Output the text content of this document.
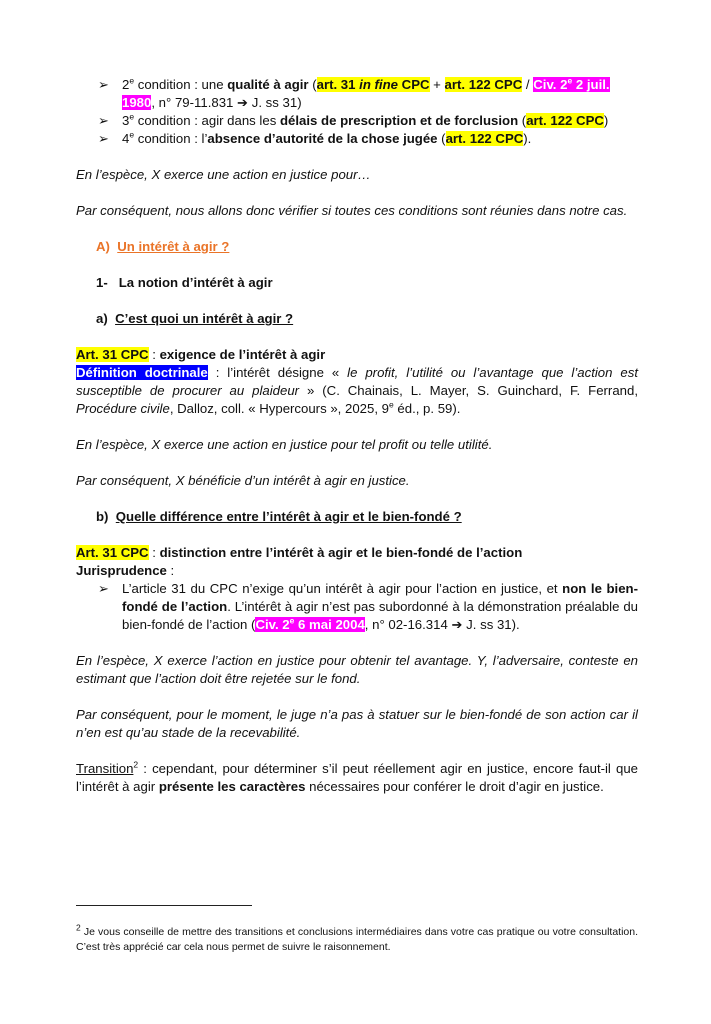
➢ 2e condition : une qualité à agir (art. 31 in fine CPC + art. 122 CPC / Civ. 2e 2 juil. 1980, n° 79-11.831 ➔ J. ss 31)

➢ 3e condition : agir dans les délais de prescription et de forclusion (art. 122 CPC)

➢ 4e condition : l’absence d’autorité de la chose jugée (art. 122 CPC).

En l’espèce, X exerce une action en justice pour…

Par conséquent, nous allons donc vérifier si toutes ces conditions sont réunies dans notre cas.

A) Un intérêt à agir ?

1- La notion d’intérêt à agir

a) C’est quoi un intérêt à agir ?

Art. 31 CPC : exigence de l’intérêt à agir

Définition doctrinale : l’intérêt désigne « le profit, l’utilité ou l’avantage que l’action est susceptible de procurer au plaideur » (C. Chainais, L. Mayer, S. Guinchard, F. Ferrand, Procédure civile, Dalloz, coll. « Hypercours », 2025, 9e éd., p. 59).

En l’espèce, X exerce une action en justice pour tel profit ou telle utilité.

Par conséquent, X bénéficie d’un intérêt à agir en justice.

b) Quelle différence entre l’intérêt à agir et le bien-fondé ?

Art. 31 CPC : distinction entre l’intérêt à agir et le bien-fondé de l’action

Jurisprudence :

➢ L’article 31 du CPC n’exige qu’un intérêt à agir pour l’action en justice, et non le bien-fondé de l’action. L’intérêt à agir n’est pas subordonné à la démonstration préalable du bien-fondé de l’action (Civ. 2e 6 mai 2004, n° 02-16.314 ➔ J. ss 31).

En l’espèce, X exerce l’action en justice pour obtenir tel avantage. Y, l’adversaire, conteste en estimant que l’action doit être rejetée sur le fond.

Par conséquent, pour le moment, le juge n’a pas à statuer sur le bien-fondé de son action car il n’en est qu’au stade de la recevabilité.

Transition$^2$ : cependant, pour déterminer s’il peut réellement agir en justice, encore faut-il que l’intérêt à agir présente les caractères nécessaires pour conférer le droit d’agir en justice.

$^2$ Je vous conseille de mettre des transitions et conclusions intermédiaires dans votre cas pratique ou votre consultation. C’est très apprécié car cela nous permet de suivre le raisonnement.
